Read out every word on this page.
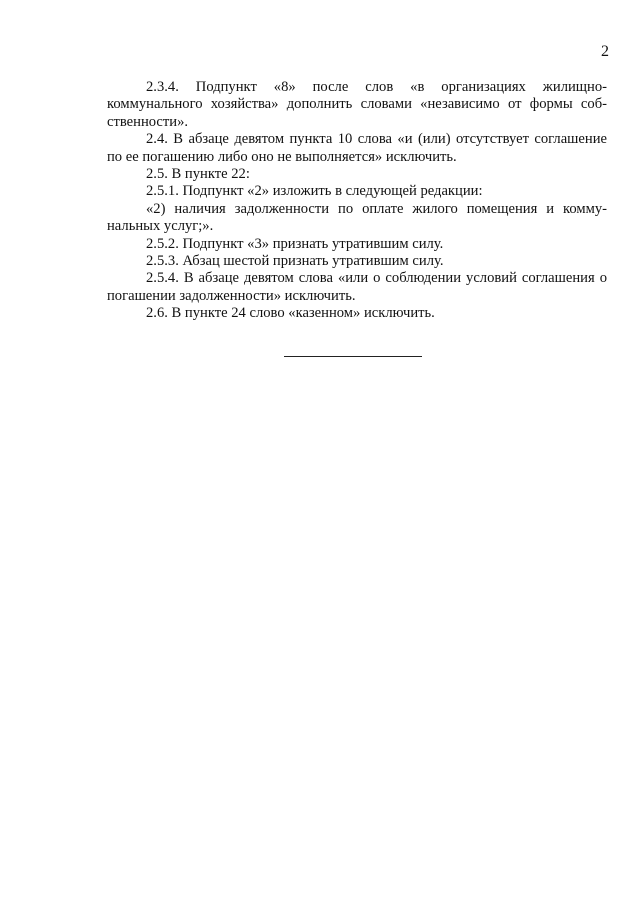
2

2.3.4. Подпункт «8» после слов «в организациях жилищно-
коммунального хозяйства» дополнить словами «независимо от формы соб-
ственности».

2.4. В абзаце девятом пункта 10 слова «и (или) отсутствует соглашение
по ее погашению либо оно не выполняется» исключить.

2.5. В пункте 22:

2.5.1. Подпункт «2» изложить в следующей редакции:

«2) наличия задолженности по оплате жилого помещения и комму-
нальных услуг;».

2.5.2. Подпункт «3» признать утратившим силу.

2.5.3. Абзац шестой признать утратившим силу.

2.5.4. В абзаце девятом слова «или о соблюдении условий соглашения о
погашении задолженности» исключить.

2.6. В пункте 24 слово «казенном» исключить.
